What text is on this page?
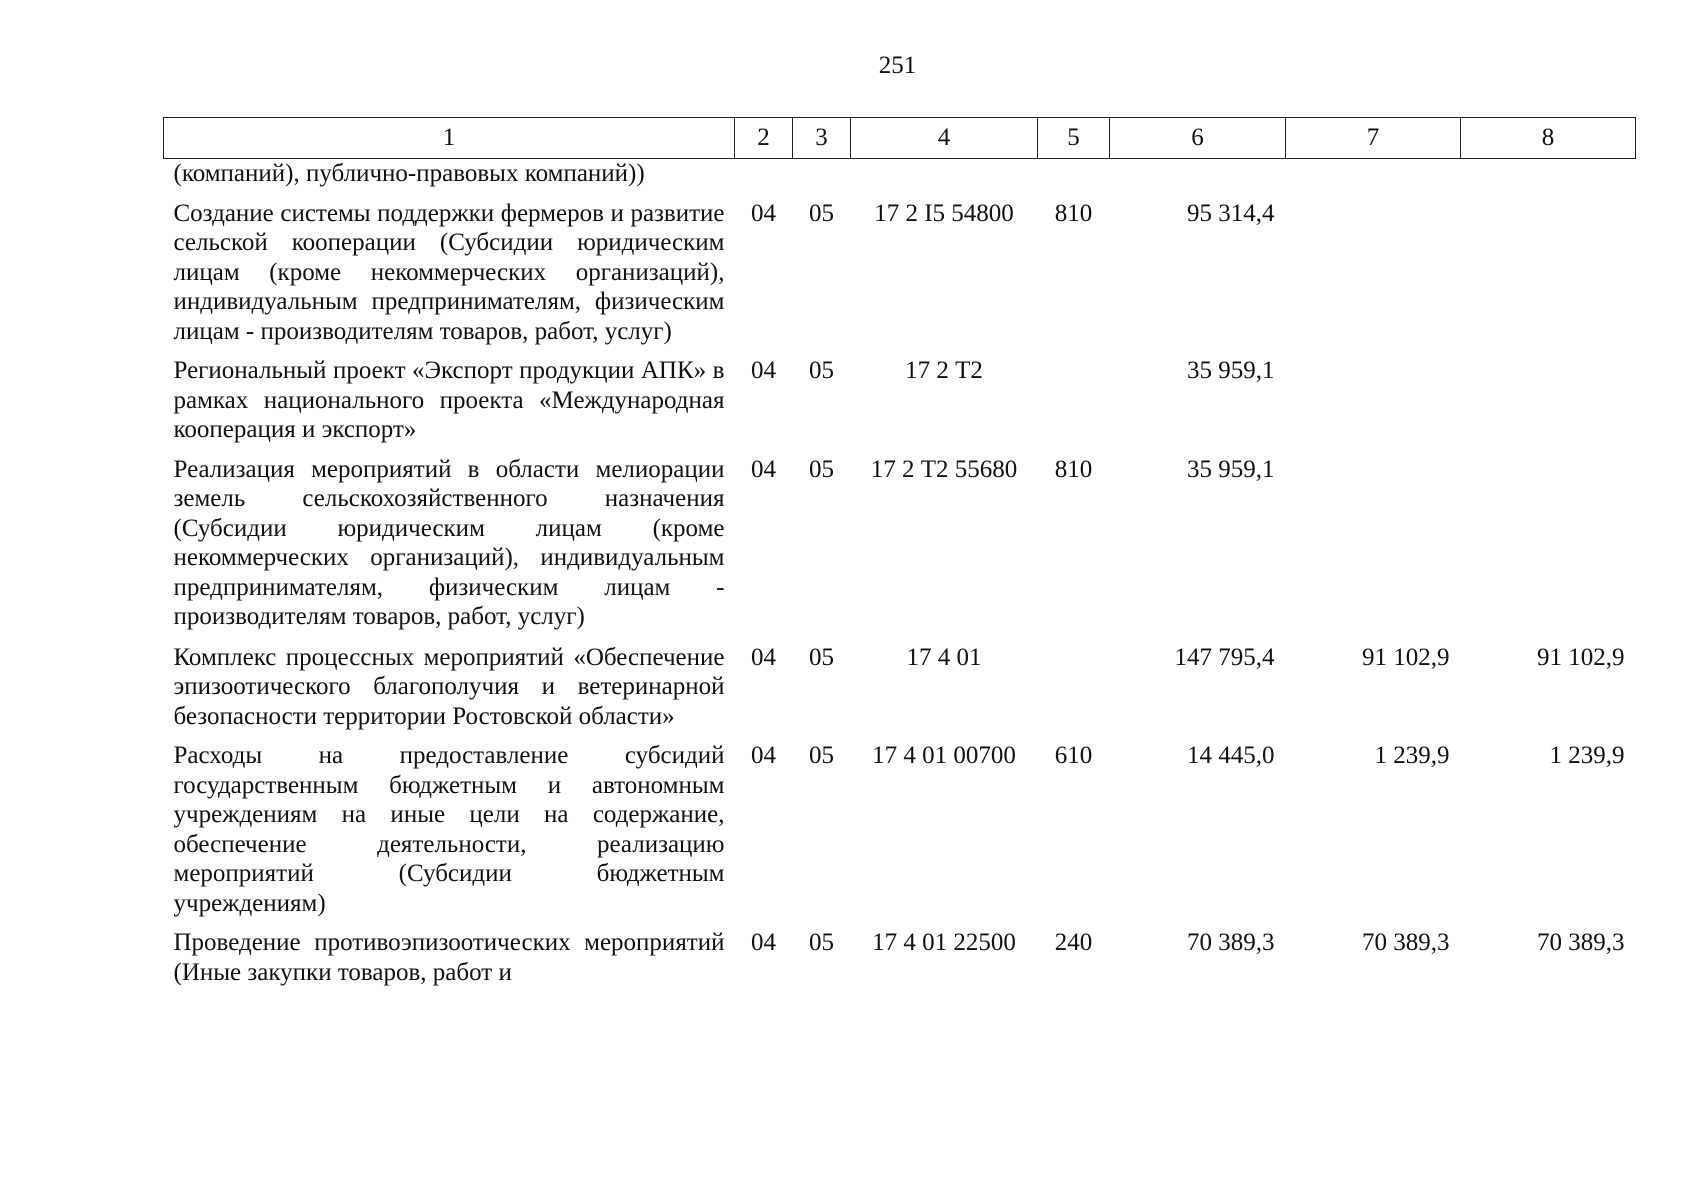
251
1	2	3	4	5	6	7	8
(компаний), публично-правовых компаний))							
Создание системы поддержки фермеров и развитие сельской кооперации (Субсидии юридическим лицам (кроме некоммерческих организаций), индивидуальным предпринимателям, физическим лицам - производителям товаров, работ, услуг)	04	05	17 2 I5 54800	810	95 314,4		
Региональный проект «Экспорт продукции АПК» в рамках национального проекта «Международная кооперация и экспорт»	04	05	17 2 Т2		35 959,1		
Реализация мероприятий в области мелиорации земель сельскохозяйственного назначения (Субсидии юридическим лицам (кроме некоммерческих организаций), индивидуальным предпринимателям, физическим лицам - производителям товаров, работ, услуг)	04	05	17 2 Т2 55680	810	35 959,1		
Комплекс процессных мероприятий «Обеспечение эпизоотического благополучия и ветеринарной безопасности территории Ростовской области»	04	05	17 4 01		147 795,4	91 102,9	91 102,9
Расходы на предоставление субсидий государственным бюджетным и автономным учреждениям на иные цели на содержание, обеспечение деятельности, реализацию мероприятий (Субсидии бюджетным учреждениям)	04	05	17 4 01 00700	610	14 445,0	1 239,9	1 239,9
Проведение противоэпизоотических мероприятий (Иные закупки товаров, работ и	04	05	17 4 01 22500	240	70 389,3	70 389,3	70 389,3
